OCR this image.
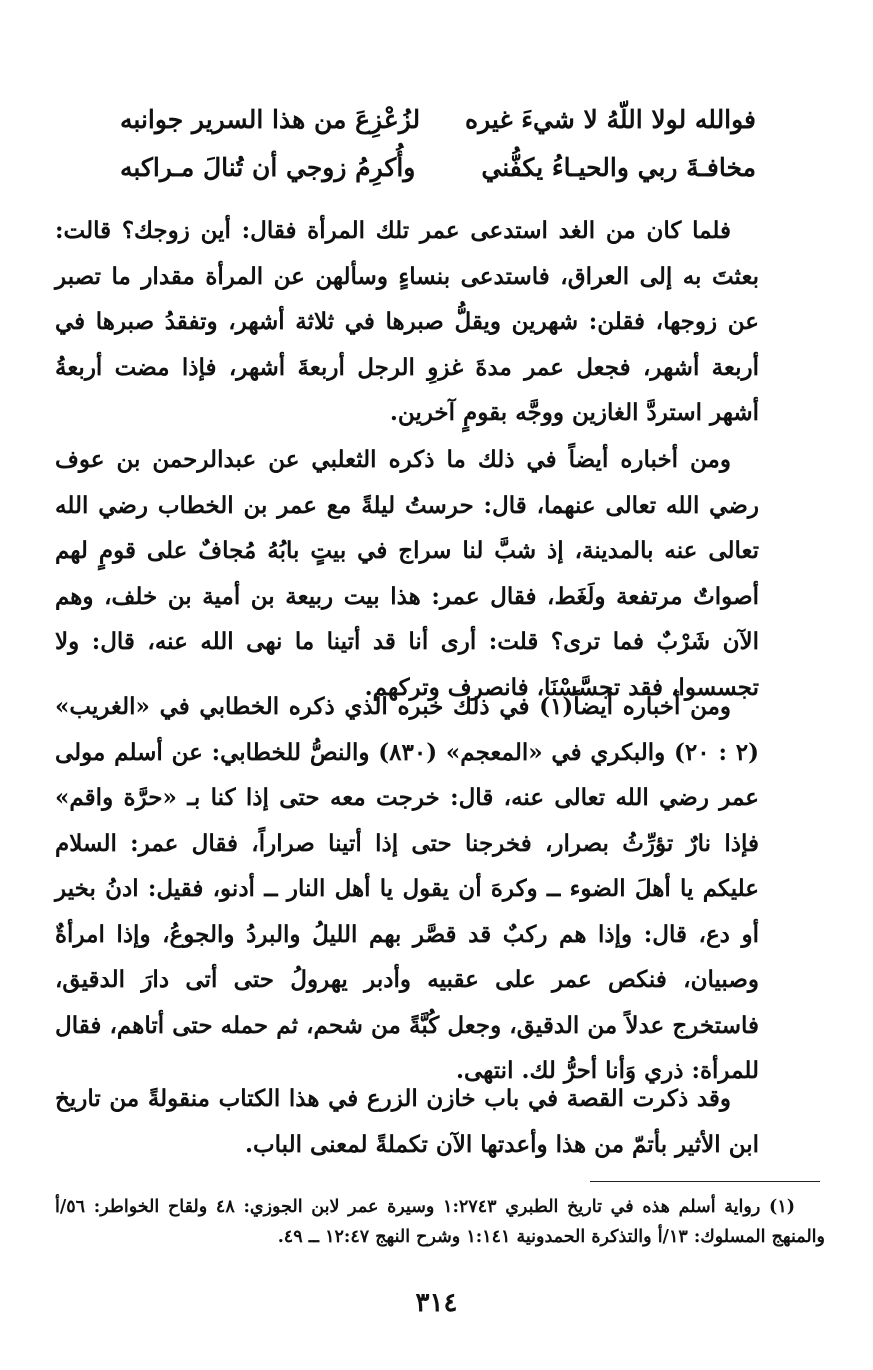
فوالله لولا اللّهُ لا شيءَ غيره
لزُعْزِعَ من هذا السرير جوانبه
مخافـةَ ربي والحيـاءُ يكفُّني
وأُكرِمُ زوجي أن تُنالَ مـراكبه

فلما كان من الغد استدعى عمر تلك المرأة فقال: أين زوجك؟ قالت: بعثتَ به إلى العراق، فاستدعى بنساءٍ وسألهن عن المرأة مقدار ما تصبر عن زوجها، فقلن: شهرين ويقلُّ صبرها في ثلاثة أشهر، وتفقدُ صبرها في أربعة أشهر، فجعل عمر مدةَ غزوِ الرجل أربعةَ أشهر، فإذا مضت أربعةُ أشهر استردَّ الغازين ووجَّه بقومٍ آخرين.

ومن أخباره أيضاً في ذلك ما ذكره الثعلبي عن عبدالرحمن بن عوف رضي الله تعالى عنهما، قال: حرستُ ليلةً مع عمر بن الخطاب رضي الله تعالى عنه بالمدينة، إذ شبَّ لنا سراج في بيتٍ بابُهُ مُجافٌ على قومٍ لهم أصواتٌ مرتفعة ولَغَط، فقال عمر: هذا بيت ربيعة بن أمية بن خلف، وهم الآن شَرْبٌ فما ترى؟ قلت: أرى أنا قد أتينا ما نهى الله عنه، قال: ولا تجسسوا، فقد تجسَّسْنَا، فانصرف وتركهم.

ومن أخباره أيضاً(١) في ذلك خبره الذي ذكره الخطابي في «الغريب» (٢ : ٢٠) والبكري في «المعجم» (٨٣٠) والنصُّ للخطابي: عن أسلم مولى عمر رضي الله تعالى عنه، قال: خرجت معه حتى إذا كنا بـ «حرَّة واقم» فإذا نارٌ تؤرِّثُ بصرار، فخرجنا حتى إذا أتينا صراراً، فقال عمر: السلام عليكم يا أهلَ الضوء ــ وكرهَ أن يقول يا أهل النار ــ أدنو، فقيل: ادنُ بخير أو دع، قال: وإذا هم ركبٌ قد قصَّر بهم الليلُ والبردُ والجوعُ، وإذا امرأةٌ وصبيان، فنكص عمر على عقبيه وأدبر يهرولُ حتى أتى دارَ الدقيق، فاستخرج عدلاً من الدقيق، وجعل كُبَّةً من شحم، ثم حمله حتى أتاهم، فقال للمرأة: ذري وَأنا أحرُّ لك. انتهى.

وقد ذكرت القصة في باب خازن الزرع في هذا الكتاب منقولةً من تاريخ ابن الأثير بأتمّ من هذا وأعدتها الآن تكملةً لمعنى الباب.

(١) رواية أسلم هذه في تاريخ الطبري ١:٢٧٤٣ وسيرة عمر لابن الجوزي: ٤٨ ولقاح الخواطر: ٥٦/أ والمنهج المسلوك: ١٣/أ والتذكرة الحمدونية ١:١٤١ وشرح النهج ١٢:٤٧ ــ ٤٩.

٣١٤
